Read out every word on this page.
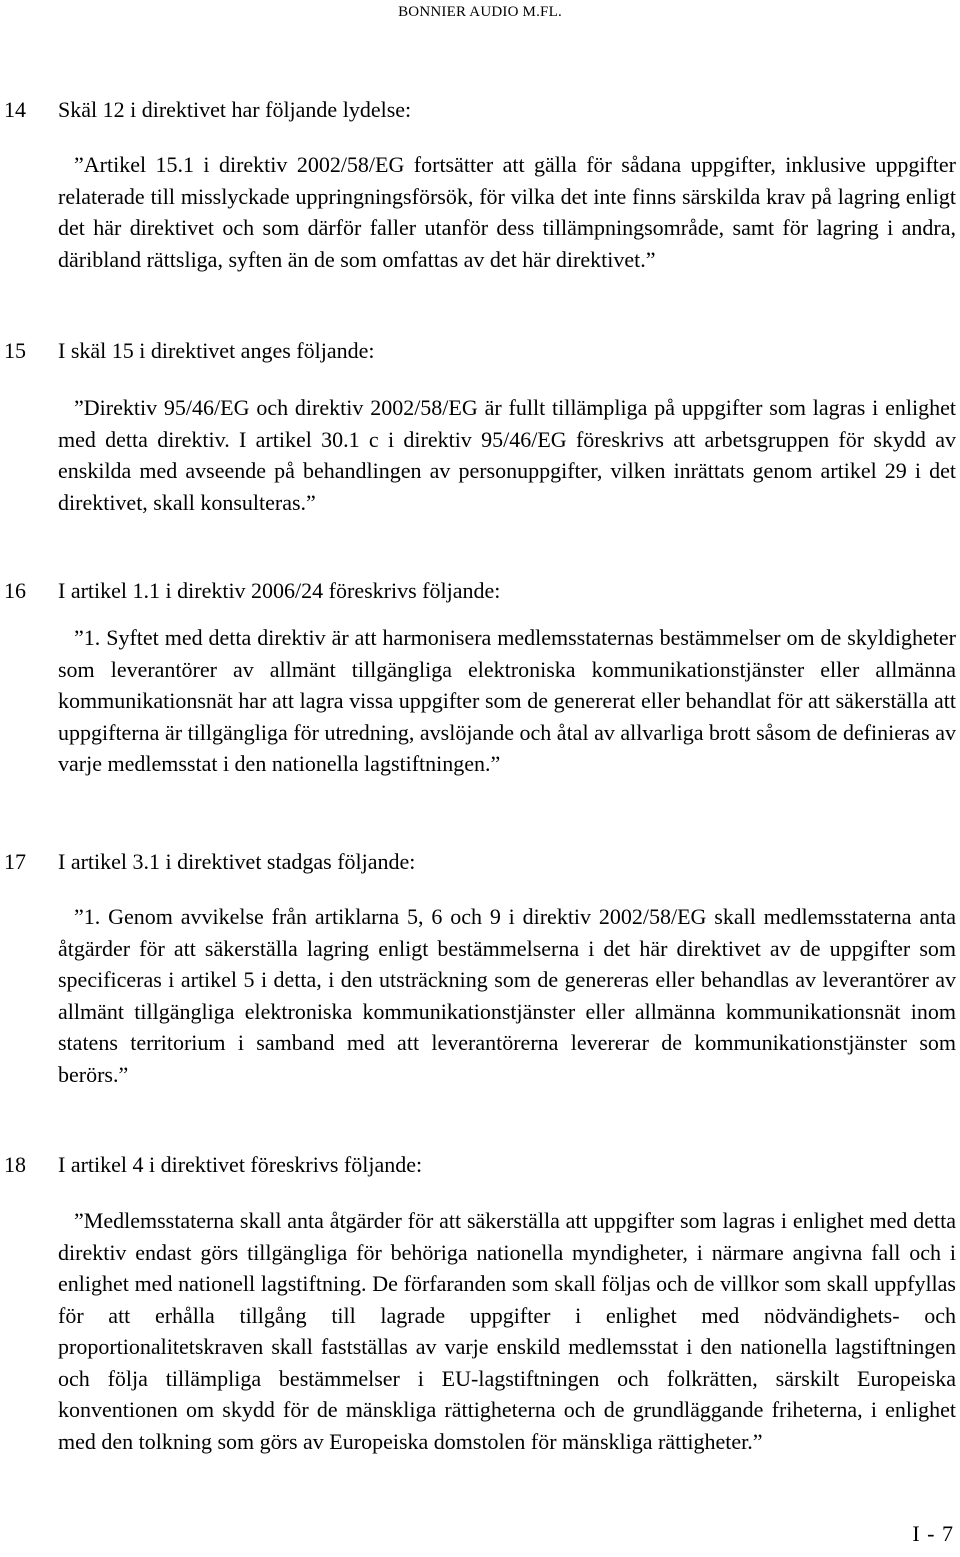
BONNIER AUDIO M.FL.
14 Skäl 12 i direktivet har följande lydelse:

”Artikel 15.1 i direktiv 2002/58/EG fortsätter att gälla för sådana uppgifter, inklusive uppgifter relaterade till misslyckade uppringningsförsök, för vilka det inte finns särskilda krav på lagring enligt det här direktivet och som därför faller utanför dess tillämpningsområde, samt för lagring i andra, däribland rättsliga, syften än de som omfattas av det här direktivet.”

15 I skäl 15 i direktivet anges följande:

”Direktiv 95/46/EG och direktiv 2002/58/EG är fullt tillämpliga på uppgifter som lagras i enlighet med detta direktiv. I artikel 30.1 c i direktiv 95/46/EG föreskrivs att arbetsgruppen för skydd av enskilda med avseende på behandlingen av personuppgifter, vilken inrättats genom artikel 29 i det direktivet, skall konsulteras.”

16 I artikel 1.1 i direktiv 2006/24 föreskrivs följande:

”1. Syftet med detta direktiv är att harmonisera medlemsstaternas bestämmelser om de skyldigheter som leverantörer av allmänt tillgängliga elektroniska kommunikationstjänster eller allmänna kommunikationsnät har att lagra vissa uppgifter som de genererat eller behandlat för att säkerställa att uppgifterna är tillgängliga för utredning, avslöjande och åtal av allvarliga brott såsom de definieras av varje medlemsstat i den nationella lagstiftningen.”

17 I artikel 3.1 i direktivet stadgas följande:

”1. Genom avvikelse från artiklarna 5, 6 och 9 i direktiv 2002/58/EG skall medlemsstaterna anta åtgärder för att säkerställa lagring enligt bestämmelserna i det här direktivet av de uppgifter som specificeras i artikel 5 i detta, i den utsträckning som de genereras eller behandlas av leverantörer av allmänt tillgängliga elektroniska kommunikationstjänster eller allmänna kommunikationsnät inom statens territorium i samband med att leverantörerna levererar de kommunikationstjänster som berörs.”

18 I artikel 4 i direktivet föreskrivs följande:

”Medlemsstaterna skall anta åtgärder för att säkerställa att uppgifter som lagras i enlighet med detta direktiv endast görs tillgängliga för behöriga nationella myndigheter, i närmare angivna fall och i enlighet med nationell lagstiftning. De förfaranden som skall följas och de villkor som skall uppfyllas för att erhålla tillgång till lagrade uppgifter i enlighet med nödvändighets- och proportionalitetskraven skall fastställas av varje enskild medlemsstat i den nationella lagstiftningen och följa tillämpliga bestämmelser i EU-lagstiftningen och folkrätten, särskilt Europeiska konventionen om skydd för de mänskliga rättigheterna och de grundläggande friheterna, i enlighet med den tolkning som görs av Europeiska domstolen för mänskliga rättigheter.”

I - 7
